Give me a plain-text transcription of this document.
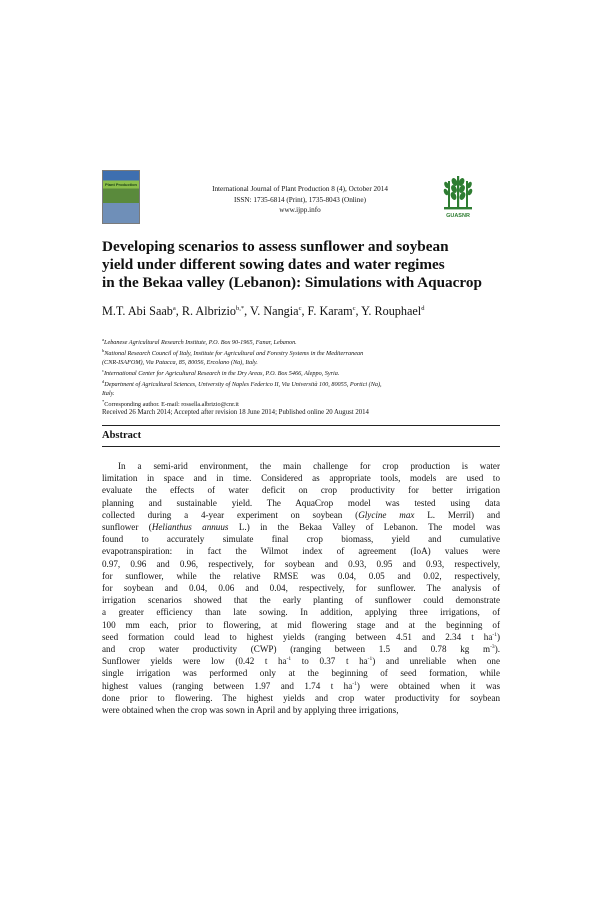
Plant Production
International Journal of Plant Production 8 (4), October 2014
ISSN: 1735-6814 (Print), 1735-8043 (Online)
www.ijpp.info
GUASNR
Developing scenarios to assess sunflower and soybean
yield under different sowing dates and water regimes
in the Bekaa valley (Lebanon): Simulations with Aquacrop
M.T. Abi Saab$^a$, R. Albrizio$^{b,*}$, V. Nangia$^c$, F. Karam$^c$, Y. Rouphael$^d$
$^a$Lebanese Agricultural Research Institute, P.O. Box 90-1965, Fanar, Lebanon.
$^b$National Research Council of Italy, Institute for Agricultural and Forestry Systems in the Mediterranean
(CNR-ISAFOM), Via Patacca, 85, 80056, Ercolano (Na), Italy.
$^c$International Center for Agricultural Research in the Dry Areas, P.O. Box 5466, Aleppo, Syria.
$^d$Department of Agricultural Sciences, University of Naples Federico II, Via Università 100, 80055, Portici (Na),
Italy.
*Corresponding author. E-mail: rossella.albrizio@cnr.it
Received 26 March 2014; Accepted after revision 18 June 2014; Published online 20 August 2014
Abstract
In a semi-arid environment, the main challenge for crop production is water
limitation in space and in time. Considered as appropriate tools, models are used to
evaluate the effects of water deficit on crop productivity for better irrigation
planning and sustainable yield. The AquaCrop model was tested using data
collected during a 4-year experiment on soybean (Glycine max L. Merril) and
sunflower (Helianthus annuus L.) in the Bekaa Valley of Lebanon. The model was
found to accurately simulate final crop biomass, yield and cumulative
evapotranspiration: in fact the Wilmot index of agreement (IoA) values were
0.97, 0.96 and 0.96, respectively, for soybean and 0.93, 0.95 and 0.93, respectively,
for sunflower, while the relative RMSE was 0.04, 0.05 and 0.02, respectively,
for soybean and 0.04, 0.06 and 0.04, respectively, for sunflower. The analysis of
irrigation scenarios showed that the early planting of sunflower could demonstrate
a greater efficiency than late sowing. In addition, applying three irrigations, of
100 mm each, prior to flowering, at mid flowering stage and at the beginning of
seed formation could lead to highest yields (ranging between 4.51 and 2.34 t $ha^{-1}$)
and crop water productivity (CWP) (ranging between 1.5 and 0.78 kg $m^{-3}$).
Sunflower yields were low (0.42 t $ha^{-1}$ to 0.37 t $ha^{-1}$) and unreliable when one
single irrigation was performed only at the beginning of seed formation, while
highest values (ranging between 1.97 and 1.74 t $ha^{-1}$) were obtained when it was
done prior to flowering. The highest yields and crop water productivity for soybean
were obtained when the crop was sown in April and by applying three irrigations,
